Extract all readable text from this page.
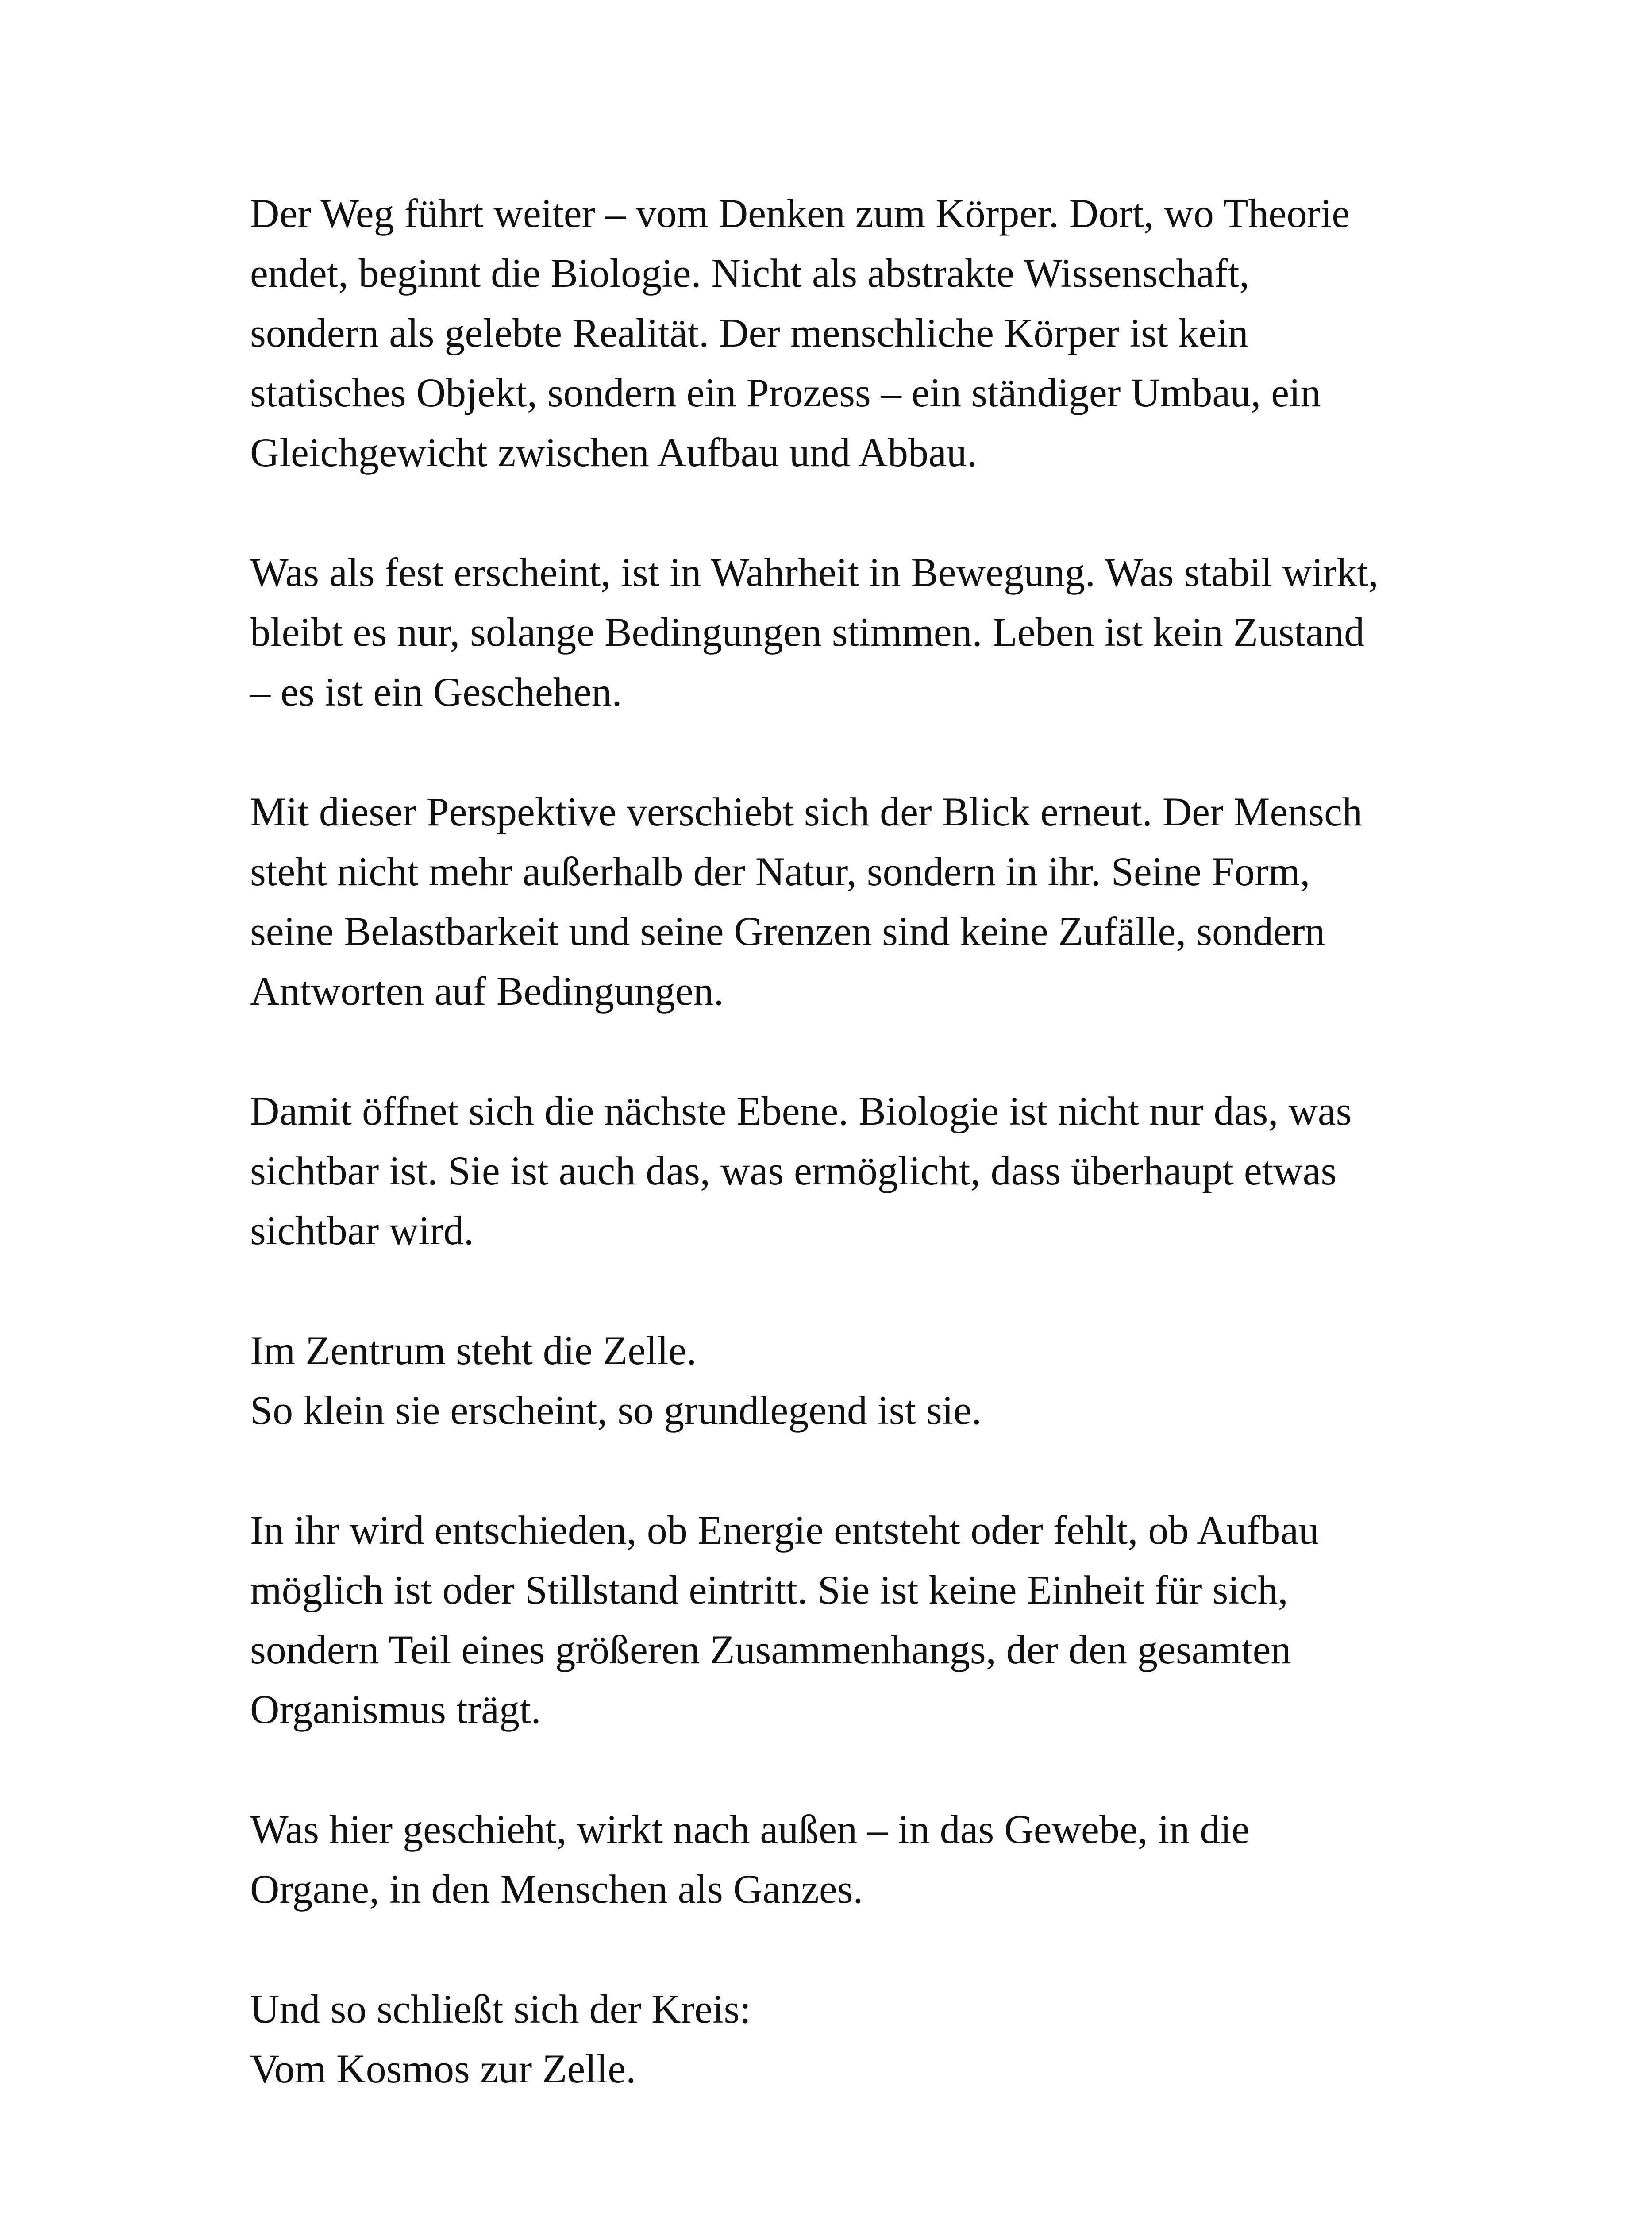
Der Weg führt weiter – vom Denken zum Körper. Dort, wo Theorie
endet, beginnt die Biologie. Nicht als abstrakte Wissenschaft,
sondern als gelebte Realität. Der menschliche Körper ist kein
statisches Objekt, sondern ein Prozess – ein ständiger Umbau, ein
Gleichgewicht zwischen Aufbau und Abbau.

Was als fest erscheint, ist in Wahrheit in Bewegung. Was stabil wirkt,
bleibt es nur, solange Bedingungen stimmen. Leben ist kein Zustand
– es ist ein Geschehen.

Mit dieser Perspektive verschiebt sich der Blick erneut. Der Mensch
steht nicht mehr außerhalb der Natur, sondern in ihr. Seine Form,
seine Belastbarkeit und seine Grenzen sind keine Zufälle, sondern
Antworten auf Bedingungen.

Damit öffnet sich die nächste Ebene. Biologie ist nicht nur das, was
sichtbar ist. Sie ist auch das, was ermöglicht, dass überhaupt etwas
sichtbar wird.

Im Zentrum steht die Zelle.
So klein sie erscheint, so grundlegend ist sie.

In ihr wird entschieden, ob Energie entsteht oder fehlt, ob Aufbau
möglich ist oder Stillstand eintritt. Sie ist keine Einheit für sich,
sondern Teil eines größeren Zusammenhangs, der den gesamten
Organismus trägt.

Was hier geschieht, wirkt nach außen – in das Gewebe, in die
Organe, in den Menschen als Ganzes.

Und so schließt sich der Kreis:
Vom Kosmos zur Zelle.
